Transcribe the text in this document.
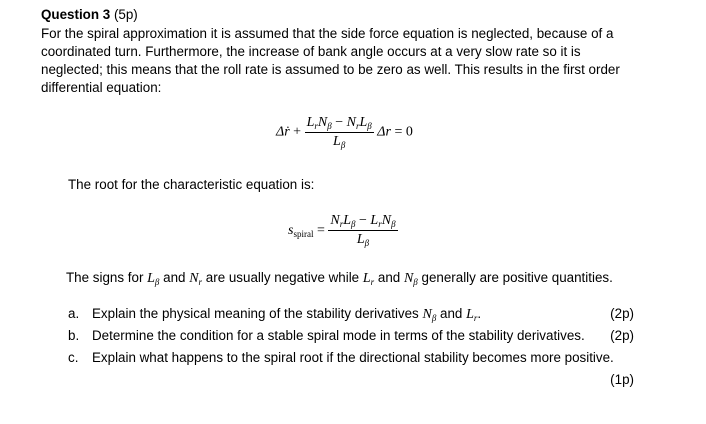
Question 3 (5p)
For the spiral approximation it is assumed that the side force equation is neglected, because of a
coordinated turn. Furthermore, the increase of bank angle occurs at a very slow rate so it is
neglected; this means that the roll rate is assumed to be zero as well. This results in the first order
differential equation:
Δṙ + $\frac{L_rN_\beta - N_rL_\beta}{L_\beta}$ Δr = 0
The root for the characteristic equation is:
$s_{spiral} = \frac{N_rL_\beta - L_rN_\beta}{L_\beta}$
The signs for $L_\beta$ and $N_r$ are usually negative while $L_r$ and $N_\beta$ generally are positive quantities.
a. Explain the physical meaning of the stability derivatives $N_\beta$ and $L_r$.	(2p)
b. Determine the condition for a stable spiral mode in terms of the stability derivatives. (2p)
c. Explain what happens to the spiral root if the directional stability becomes more positive.
(1p)
